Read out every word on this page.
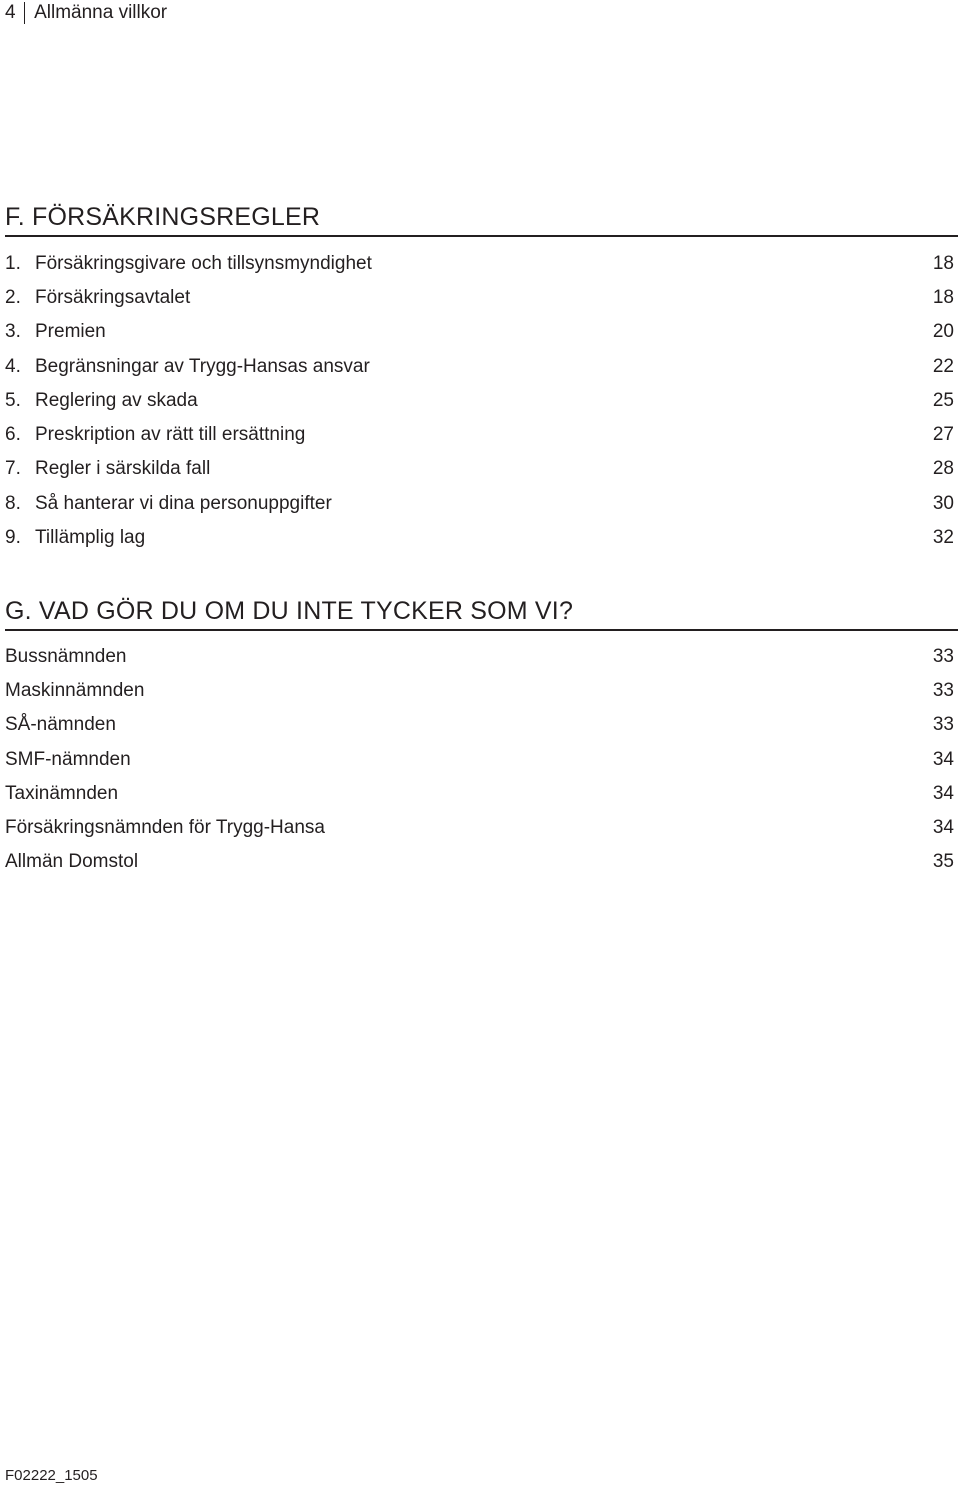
4 Allmänna villkor
F. FÖRSÄKRINGSREGLER
1. Försäkringsgivare och tillsynsmyndighet	18
2. Försäkringsavtalet	18
3. Premien	20
4. Begränsningar av Trygg-Hansas ansvar	22
5. Reglering av skada	25
6. Preskription av rätt till ersättning	27
7. Regler i särskilda fall	28
8. Så hanterar vi dina personuppgifter	30
9. Tillämplig lag	32
G. VAD GÖR DU OM DU INTE TYCKER SOM VI?
Bussnämnden	33
Maskinnämnden	33
SÅ-nämnden	33
SMF-nämnden	34
Taxinämnden	34
Försäkringsnämnden för Trygg-Hansa	34
Allmän Domstol	35
F02222_1505
